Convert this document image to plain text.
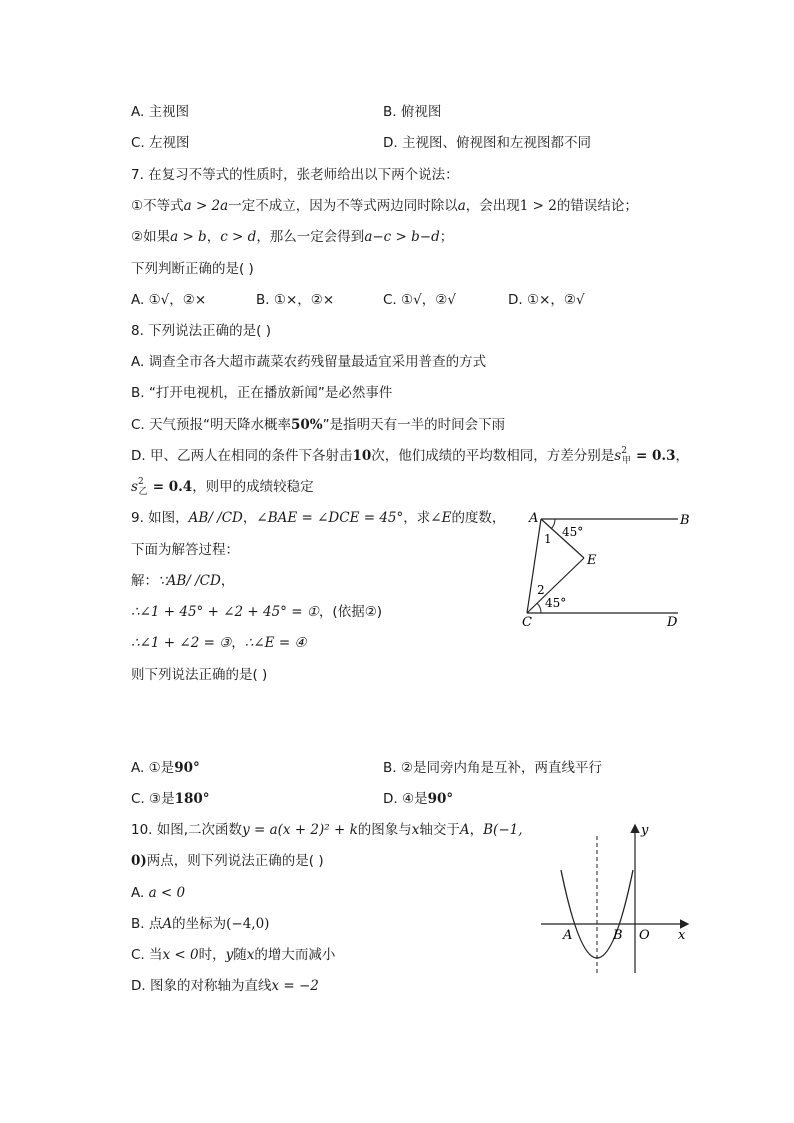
A. 主视图	B. 俯视图
C. 左视图	D. 主视图、俯视图和左视图都不同
7. 在复习不等式的性质时，张老师给出以下两个说法：
①不等式a > 2a一定不成立，因为不等式两边同时除以a，会出现1 > 2的错误结论；
②如果a > b，c > d，那么一定会得到a−c > b−d；
下列判断正确的是( )
A. ①√，②×	B. ①×，②×	C. ①√，②√	D. ①×，②√
8. 下列说法正确的是( )
A. 调查全市各大超市蔬菜农药残留量最适宜采用普查的方式
B. “打开电视机，正在播放新闻”是必然事件
C. 天气预报“明天降水概率50%”是指明天有一半的时间会下雨
D. 甲、乙两人在相同的条件下各射击10次，他们成绩的平均数相同，方差分别是$s^2_甲 = 0.3$，
$s^2_乙 = 0.4$，则甲的成绩较稳定
9. 如图，AB/ /CD，∠BAE = ∠DCE = 45°，求∠E的度数，
下面为解答过程：
解：∵AB/ /CD，
∴∠1 + 45° + ∠2 + 45° = ①，(依据②)
∴∠1 + ∠2 = ③，∴∠E = ④
则下列说法正确的是( )
A	B
C	D
E
1
2
45°
45°
A. ①是90°	B. ②是同旁内角是互补，两直线平行
C. ③是180°	D. ④是90°
10. 如图,二次函数y = a(x + 2)² + k的图象与x轴交于A，B(−1,
0)两点，则下列说法正确的是( )
A. a < 0
B. 点A的坐标为(−4,0)
C. 当x < 0时，y随x的增大而减小
D. 图象的对称轴为直线x = −2
y
x
O
A	B
